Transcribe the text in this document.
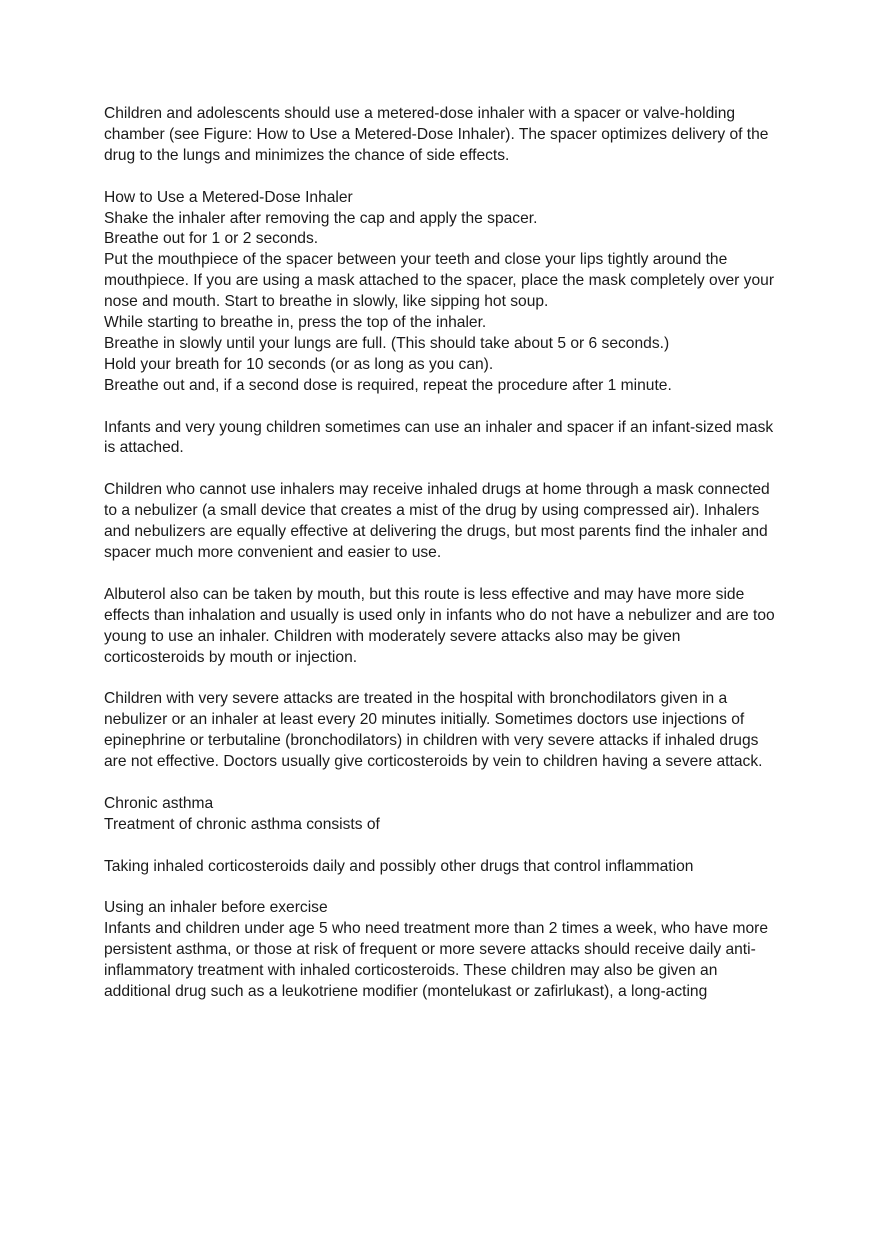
Children and adolescents should use a metered-dose inhaler with a spacer or valve-holding chamber (see Figure: How to Use a Metered-Dose Inhaler). The spacer optimizes delivery of the drug to the lungs and minimizes the chance of side effects.

How to Use a Metered-Dose Inhaler
Shake the inhaler after removing the cap and apply the spacer.
Breathe out for 1 or 2 seconds.
Put the mouthpiece of the spacer between your teeth and close your lips tightly around the mouthpiece. If you are using a mask attached to the spacer, place the mask completely over your nose and mouth. Start to breathe in slowly, like sipping hot soup.
While starting to breathe in, press the top of the inhaler.
Breathe in slowly until your lungs are full. (This should take about 5 or 6 seconds.)
Hold your breath for 10 seconds (or as long as you can).
Breathe out and, if a second dose is required, repeat the procedure after 1 minute.

Infants and very young children sometimes can use an inhaler and spacer if an infant-sized mask is attached.

Children who cannot use inhalers may receive inhaled drugs at home through a mask connected to a nebulizer (a small device that creates a mist of the drug by using compressed air). Inhalers and nebulizers are equally effective at delivering the drugs, but most parents find the inhaler and spacer much more convenient and easier to use.

Albuterol also can be taken by mouth, but this route is less effective and may have more side effects than inhalation and usually is used only in infants who do not have a nebulizer and are too young to use an inhaler. Children with moderately severe attacks also may be given corticosteroids by mouth or injection.

Children with very severe attacks are treated in the hospital with bronchodilators given in a nebulizer or an inhaler at least every 20 minutes initially. Sometimes doctors use injections of epinephrine or terbutaline (bronchodilators) in children with very severe attacks if inhaled drugs are not effective. Doctors usually give corticosteroids by vein to children having a severe attack.

Chronic asthma
Treatment of chronic asthma consists of

Taking inhaled corticosteroids daily and possibly other drugs that control inflammation

Using an inhaler before exercise
Infants and children under age 5 who need treatment more than 2 times a week, who have more persistent asthma, or those at risk of frequent or more severe attacks should receive daily anti-inflammatory treatment with inhaled corticosteroids. These children may also be given an additional drug such as a leukotriene modifier (montelukast or zafirlukast), a long-acting
